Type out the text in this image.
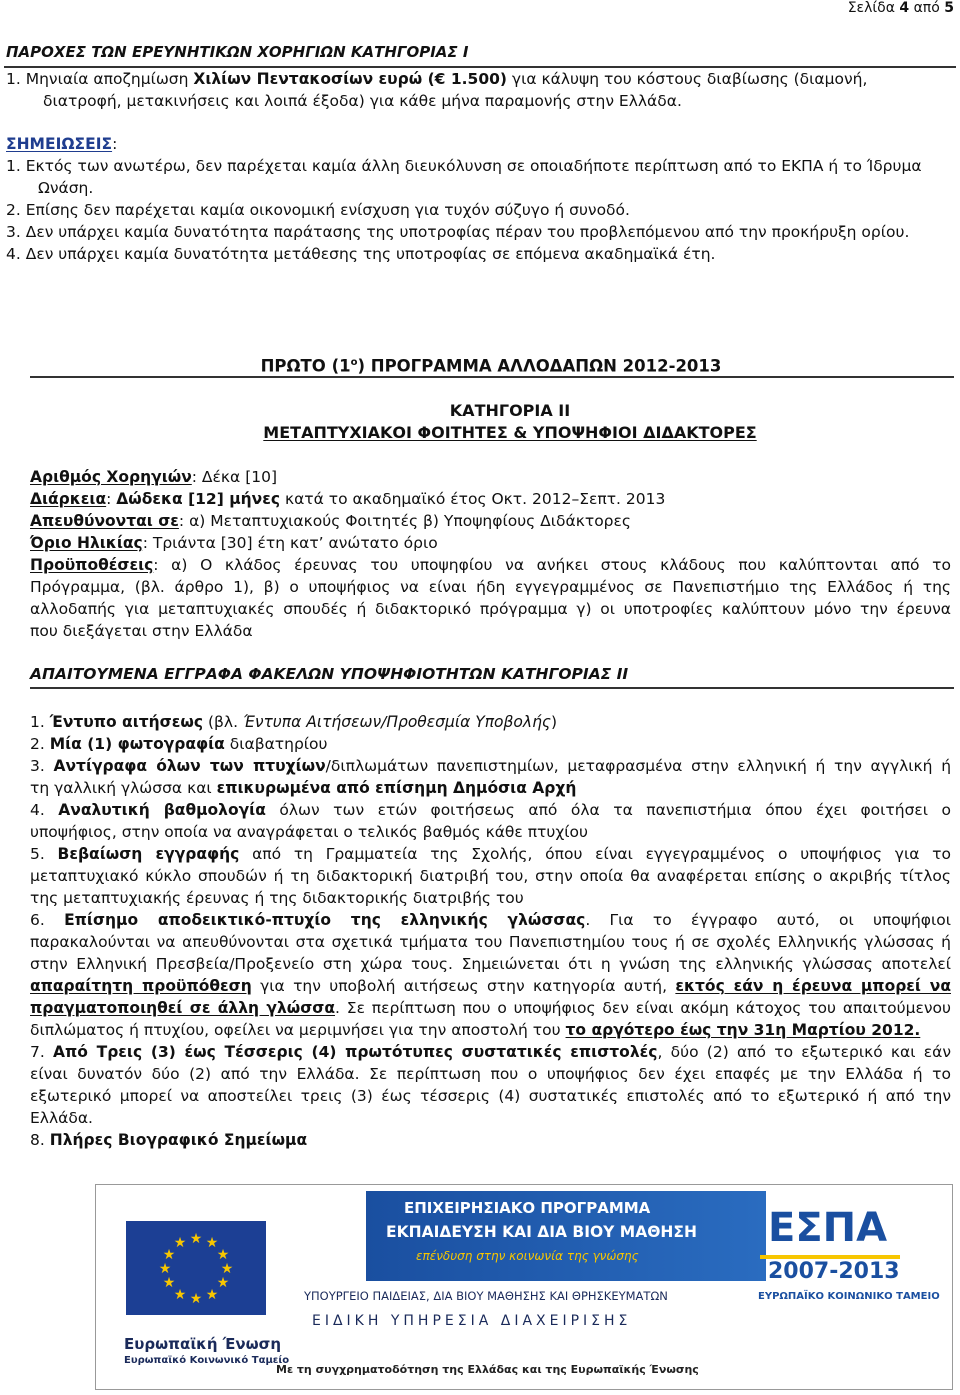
Σελίδα 4 από 5
ΠΑΡΟΧΕΣ ΤΩΝ ΕΡΕΥΝΗΤΙΚΩΝ ΧΟΡΗΓΙΩΝ ΚΑΤΗΓΟΡΙΑΣ Ι
1. Μηνιαία αποζημίωση Χιλίων Πεντακοσίων ευρώ (€ 1.500) για κάλυψη του κόστους διαβίωσης (διαμονή,
διατροφή, μετακινήσεις και λοιπά έξοδα) για κάθε μήνα παραμονής στην Ελλάδα.
ΣΗΜΕΙΩΣΕΙΣ:
1. Εκτός των ανωτέρω, δεν παρέχεται καμία άλλη διευκόλυνση σε οποιαδήποτε περίπτωση από το ΕΚΠΑ ή το Ίδρυμα
Ωνάση.
2. Επίσης δεν παρέχεται καμία οικονομική ενίσχυση για τυχόν σύζυγο ή συνοδό.
3. Δεν υπάρχει καμία δυνατότητα παράτασης της υποτροφίας πέραν του προβλεπόμενου από την προκήρυξη ορίου.
4. Δεν υπάρχει καμία δυνατότητα μετάθεσης της υποτροφίας σε επόμενα ακαδημαϊκά έτη.
ΠΡΩΤΟ $(1^o)$ ΠΡΟΓΡΑΜΜΑ ΑΛΛΟΔΑΠΩΝ 2012-2013
ΚΑΤΗΓΟΡΙΑ ΙΙ
ΜΕΤΑΠΤΥΧΙΑΚΟΙ ΦΟΙΤΗΤΕΣ & ΥΠΟΨΗΦΙΟΙ ΔΙΔΑΚΤΟΡΕΣ
Αριθμός Χορηγιών: Δέκα [10]
Διάρκεια: Δώδεκα [12] μήνες κατά το ακαδημαϊκό έτος Οκτ. 2012–Σεπτ. 2013
Απευθύνονται σε: α) Μεταπτυχιακούς Φοιτητές β) Υποψηφίους Διδάκτορες
Όριο Ηλικίας: Τριάντα [30] έτη κατ’ ανώτατο όριο
Προϋποθέσεις: α) Ο κλάδος έρευνας του υποψηφίου να ανήκει στους κλάδους που καλύπτονται από το
Πρόγραμμα, (βλ. άρθρο 1), β) ο υποψήφιος να είναι ήδη εγγεγραμμένος σε Πανεπιστήμιο της Ελλάδος ή της
αλλοδαπής για μεταπτυχιακές σπουδές ή διδακτορικό πρόγραμμα γ) οι υποτροφίες καλύπτουν μόνο την έρευνα
που διεξάγεται στην Ελλάδα
ΑΠΑΙΤΟΥΜΕΝΑ ΕΓΓΡΑΦΑ ΦΑΚΕΛΩΝ ΥΠΟΨΗΦΙΟΤΗΤΩΝ ΚΑΤΗΓΟΡΙΑΣ ΙΙ
1. Έντυπο αιτήσεως (βλ. Έντυπα Αιτήσεων/Προθεσμία Υποβολής)
2. Μία (1) φωτογραφία διαβατηρίου
3. Αντίγραφα όλων των πτυχίων/διπλωμάτων πανεπιστημίων, μεταφρασμένα στην ελληνική ή την αγγλική ή
τη γαλλική γλώσσα και επικυρωμένα από επίσημη Δημόσια Αρχή
4. Αναλυτική βαθμολογία όλων των ετών φοιτήσεως από όλα τα πανεπιστήμια όπου έχει φοιτήσει ο
υποψήφιος, στην οποία να αναγράφεται ο τελικός βαθμός κάθε πτυχίου
5. Βεβαίωση εγγραφής από τη Γραμματεία της Σχολής, όπου είναι εγγεγραμμένος ο υποψήφιος για το
μεταπτυχιακό κύκλο σπουδών ή τη διδακτορική διατριβή του, στην οποία θα αναφέρεται επίσης ο ακριβής τίτλος
της μεταπτυχιακής έρευνας ή της διδακτορικής διατριβής του
6. Επίσημο αποδεικτικό-πτυχίο της ελληνικής γλώσσας. Για το έγγραφο αυτό, οι υποψήφιοι
παρακαλούνται να απευθύνονται στα σχετικά τμήματα του Πανεπιστημίου τους ή σε σχολές Ελληνικής γλώσσας ή
στην Ελληνική Πρεσβεία/Προξενείο στη χώρα τους. Σημειώνεται ότι η γνώση της ελληνικής γλώσσας αποτελεί
απαραίτητη προϋπόθεση για την υποβολή αιτήσεως στην κατηγορία αυτή, εκτός εάν η έρευνα μπορεί να
πραγματοποιηθεί σε άλλη γλώσσα. Σε περίπτωση που ο υποψήφιος δεν είναι ακόμη κάτοχος του απαιτούμενου
διπλώματος ή πτυχίου, οφείλει να μεριμνήσει για την αποστολή του το αργότερο έως την 31η Μαρτίου 2012.
7. Από Τρεις (3) έως Τέσσερις (4) πρωτότυπες συστατικές επιστολές, δύο (2) από το εξωτερικό και εάν
είναι δυνατόν δύο (2) από την Ελλάδα. Σε περίπτωση που ο υποψήφιος δεν έχει επαφές με την Ελλάδα ή το
εξωτερικό μπορεί να αποστείλει τρεις (3) έως τέσσερις (4) συστατικές επιστολές από το εξωτερικό ή από την
Ελλάδα.
8. Πλήρες Βιογραφικό Σημείωμα
★ ★
★
★
★
★
★
★
★
★
★
★
Ευρωπαϊκή Ένωση
Ευρωπαϊκό Κοινωνικό Ταμείο
ΕΠΙΧΕΙΡΗΣΙΑΚΟ ΠΡΟΓΡΑΜΜΑ
ΕΚΠΑΙΔΕΥΣΗ ΚΑΙ ΔΙΑ ΒΙΟΥ ΜΑΘΗΣΗ
επένδυση στην κοινωνία της γνώσης
ΥΠΟΥΡΓΕΙΟ ΠΑΙΔΕΙΑΣ, ΔΙΑ ΒΙΟΥ ΜΑΘΗΣΗΣ ΚΑΙ ΘΡΗΣΚΕΥΜΑΤΩΝ
ΕΙΔΙΚΗ ΥΠΗΡΕΣΙΑ ΔΙΑΧΕΙΡΙΣΗΣ
Με τη συγχρηματοδότηση της Ελλάδας και της Ευρωπαϊκής Ένωσης
ΕΣΠΑ
2007-2013
ΕΥΡΩΠΑΪΚΟ ΚΟΙΝΩΝΙΚΟ ΤΑΜΕΙΟ
